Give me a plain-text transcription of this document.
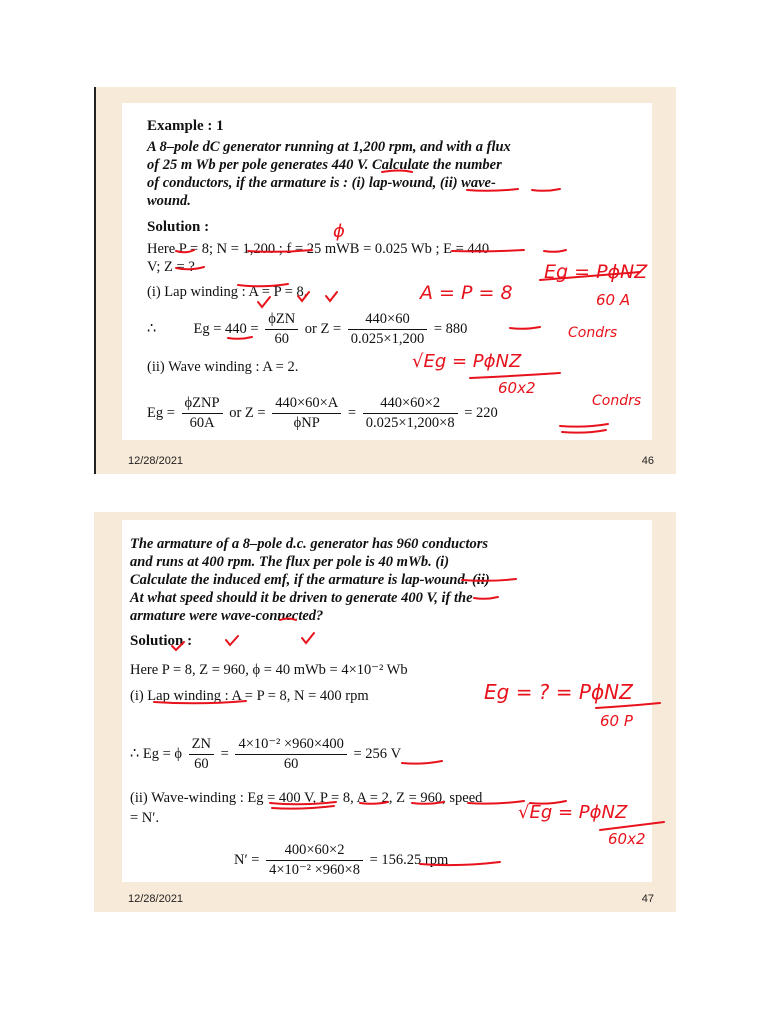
Example : 1
A 8–pole dC generator running at 1,200 rpm, and with a flux
of 25 m Wb per pole generates 440 V. Calculate the number
of conductors, if the armature is : (i) lap-wound, (ii) wave-
wound.
Solution :
Here P = 8; N = 1,200 ; f = 25 mWB = 0.025 Wb ; E = 440
V; Z = ?
(i) Lap winding : A = P = 8.
∴	$Eg = 440 = \frac{\text{ϕZN}}{60}$ or $Z = \frac{440\times 60}{0.025\times 1,200} = 880$
(ii) Wave winding : A = 2.
$Eg = \frac{\text{ϕZNP}}{60A}$ or $Z = \frac{440\times 60\times A}{\text{ϕNP}} = \frac{440\times 60\times 2}{0.025\times 1,200\times 8} = 220$
ϕ
A = P = 8
Eg = PϕNZ
60 A
Condrs
√Eg = PϕNZ
60x2
Condrs
12/28/2021	46
The armature of a 8–pole d.c. generator has 960 conductors
and runs at 400 rpm. The flux per pole is 40 mWb. (i)
Calculate the induced emf, if the armature is lap-wound. (ii)
At what speed should it be driven to generate 400 V, if the
armature were wave-connected?
Solution :
Here P = 8, Z = 960, ϕ = 40 mWb = 4×10⁻² Wb
(i) Lap winding : A = P = 8, N = 400 rpm
∴ Eg = ϕ $\frac{ZN}{60} = \frac{\text{4×10⁻² ×960×400}}{60} = 256$ V
(ii) Wave-winding : Eg = 400 V, P = 8, A = 2, Z = 960, speed
= N′.
$N' = \frac{400\times 60\times 2}{\text{4×10⁻² ×960×8}} = 156.25$ rpm
Eg = ? = PϕNZ
60 P
√Eg = PϕNZ
60x2
12/28/2021	47
